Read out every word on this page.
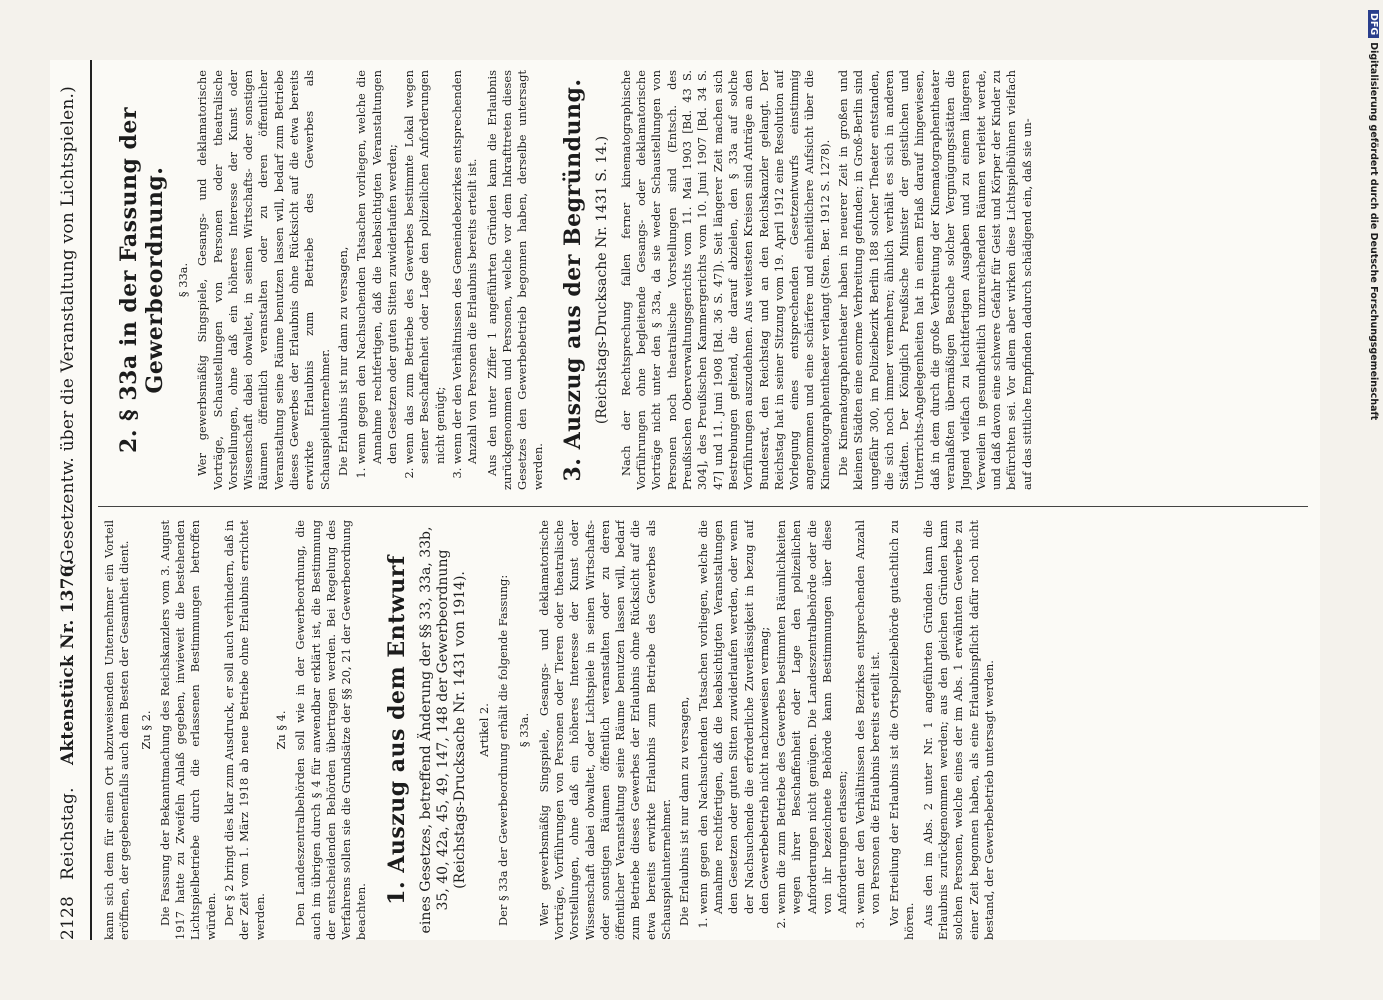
2128
Reichstag.
Aktenstück Nr. 1376.
(Gesetzentw. über die Veranstaltung von Lichtspielen.)

kann sich dem für einen Ort abzuweisenden Unternehmer ein Vorteil eröffnen, der gegebenenfalls auch dem Besten der Gesamtheit dient. Zu § 2. Die Fassung der Bekanntmachung des Reichskanzlers vom 3. August 1917 hatte zu Zweifeln Anlaß gegeben, inwieweit die bestehenden Lichtspielbetriebe durch die erlassenen Bestimmungen betroffen würden. Der § 2 bringt dies klar zum Ausdruck, er soll auch verhindern, daß in der Zeit vom 1. März 1918 ab neue Betriebe ohne Erlaubnis errichtet werden.

Zu § 4. Den Landeszentralbehörden soll wie in der Gewerbeordnung, die auch im übrigen durch § 4 für anwendbar erklärt ist, die Bestimmung der entscheidenden Behörden übertragen werden. Bei Regelung des Verfahrens sollen sie die Grundsätze der §§ 20, 21 der Gewerbeordnung beachten.

1. Auszug aus dem Entwurf eines Gesetzes, betreffend Änderung der §§ 33, 33a, 33b, 35, 40, 42a, 45, 49, 147, 148 der Gewerbeordnung (Reichstags-Drucksache Nr. 1431 von 1914). Artikel 2. Der § 33a der Gewerbeordnung erhält die folgende Fassung: § 33a. Wer gewerbsmäßig Singspiele, Gesangs- und deklamatorische Vorträge, Vorführungen von Personen oder Tieren oder theatralische Vorstellungen, ohne daß ein höheres Interesse der Kunst oder Wissenschaft dabei obwaltet, oder Lichtspiele in seinen Wirtschafts- oder sonstigen Räumen öffentlich veranstalten oder zu deren öffentlicher Veranstaltung seine Räume benutzen lassen will, bedarf zum Betriebe dieses Gewerbes der Erlaubnis ohne Rücksicht auf die etwa bereits erwirkte Erlaubnis zum Betriebe des Gewerbes als Schauspielunternehmer. Die Erlaubnis ist nur dann zu versagen, 1. wenn gegen den Nachsuchenden Tatsachen vorliegen, welche die Annahme rechtfertigen, daß die beabsichtigten Veranstaltungen den Gesetzen oder guten Sitten zuwiderlaufen werden, oder wenn der Nachsuchende die erforderliche Zuverlässigkeit in bezug auf den Gewerbebetrieb nicht nachzuweisen vermag; 2. wenn die zum Betriebe des Gewerbes bestimmten Räumlichkeiten wegen ihrer Beschaffenheit oder Lage den polizeilichen Anforderungen nicht genügen. Die Landeszentralbehörde oder die von ihr bezeichnete Behörde kann Bestimmungen über diese Anforderungen erlassen; 3. wenn der den Verhältnissen des Bezirkes entsprechenden Anzahl von Personen die Erlaubnis bereits erteilt ist. Vor Erteilung der Erlaubnis ist die Ortspolizeibehörde gutachtlich zu hören. Aus den im Abs. 2 unter Nr. 1 angeführten Gründen kann die Erlaubnis zurückgenommen werden; aus den gleichen Gründen kann solchen Personen, welche eines der im Abs. 1 erwähnten Gewerbe zu einer Zeit begonnen haben, als eine Erlaubnispflicht dafür noch nicht bestand, der Gewerbebetrieb untersagt werden.

2. § 33a in der Fassung der Gewerbeordnung. § 33a. Wer gewerbsmäßig Singspiele, Gesangs- und deklamatorische Vorträge, Schaustellungen von Personen oder theatralische Vorstellungen, ohne daß ein höheres Interesse der Kunst oder Wissenschaft dabei obwaltet, in seinen Wirtschafts- oder sonstigen Räumen öffentlich veranstalten oder zu deren öffentlicher Veranstaltung seine Räume benutzen lassen will, bedarf zum Betriebe dieses Gewerbes der Erlaubnis ohne Rücksicht auf die etwa bereits erwirkte Erlaubnis zum Betriebe des Gewerbes als Schauspielunternehmer. Die Erlaubnis ist nur dann zu versagen, 1. wenn gegen den Nachsuchenden Tatsachen vorliegen, welche die Annahme rechtfertigen, daß die beabsichtigten Veranstaltungen den Gesetzen oder guten Sitten zuwiderlaufen werden; 2. wenn das zum Betriebe des Gewerbes bestimmte Lokal wegen seiner Beschaffenheit oder Lage den polizeilichen Anforderungen nicht genügt; 3. wenn der den Verhältnissen des Gemeindebezirkes entsprechenden Anzahl von Personen die Erlaubnis bereits erteilt ist. Aus den unter Ziffer 1 angeführten Gründen kann die Erlaubnis zurückgenommen und Personen, welche vor dem Inkrafttreten dieses Gesetzes den Gewerbebetrieb begonnen haben, derselbe untersagt werden. 3. Auszug aus der Begründung. (Reichstags-Drucksache Nr. 1431 S. 14.) Nach der Rechtsprechung fallen ferner kinematographische Vorführungen ohne begleitende Gesangs- oder deklamatorische Vorträge nicht unter den § 33a, da sie weder Schaustellungen von Personen noch theatralische Vorstellungen sind (Entsch. des Preußischen Oberverwaltungsgerichts vom 11. Mai 1903 [Bd. 43 S. 304], des Preußischen Kammergerichts vom 10. Juni 1907 [Bd. 34 S. 47] und 11. Juni 1908 [Bd. 36 S. 47]). Seit längerer Zeit machen sich Bestrebungen geltend, die darauf abzielen, den § 33a auf solche Vorführungen auszudehnen. Aus weitesten Kreisen sind Anträge an den Bundesrat, den Reichstag und an den Reichskanzler gelangt. Der Reichstag hat in seiner Sitzung vom 19. April 1912 eine Resolution auf Vorlegung eines entsprechenden Gesetzentwurfs einstimmig angenommen und eine schärfere und einheitlichere Aufsicht über die Kinematographentheater verlangt (Sten. Ber. 1912 S. 1278). Die Kinematographentheater haben in neuerer Zeit in großen und kleinen Städten eine enorme Verbreitung gefunden; in Groß-Berlin sind ungefähr 300, im Polizeibezirk Berlin 188 solcher Theater entstanden, die sich noch immer vermehren; ähnlich verhält es sich in anderen Städten. Der Königlich Preußische Minister der geistlichen und Unterrichts-Angelegenheiten hat in einem Erlaß darauf hingewiesen, daß in dem durch die große Verbreitung der Kinematographentheater veranlaßten übermäßigen Besuche solcher Vergnügungsstätten die Jugend vielfach zu leichtfertigen Ausgaben und zu einem längeren Verweilen in gesundheitlich unzureichenden Räumen verleitet werde, und daß davon eine schwere Gefahr für Geist und Körper der Kinder zu befürchten sei. Vor allem aber wirken diese Lichtspielbühnen vielfach auf das sittliche Empfinden dadurch schädigend ein, daß sie un-

DFGDigitalisierung gefördert durch die Deutsche Forschungsgemeinschaft
